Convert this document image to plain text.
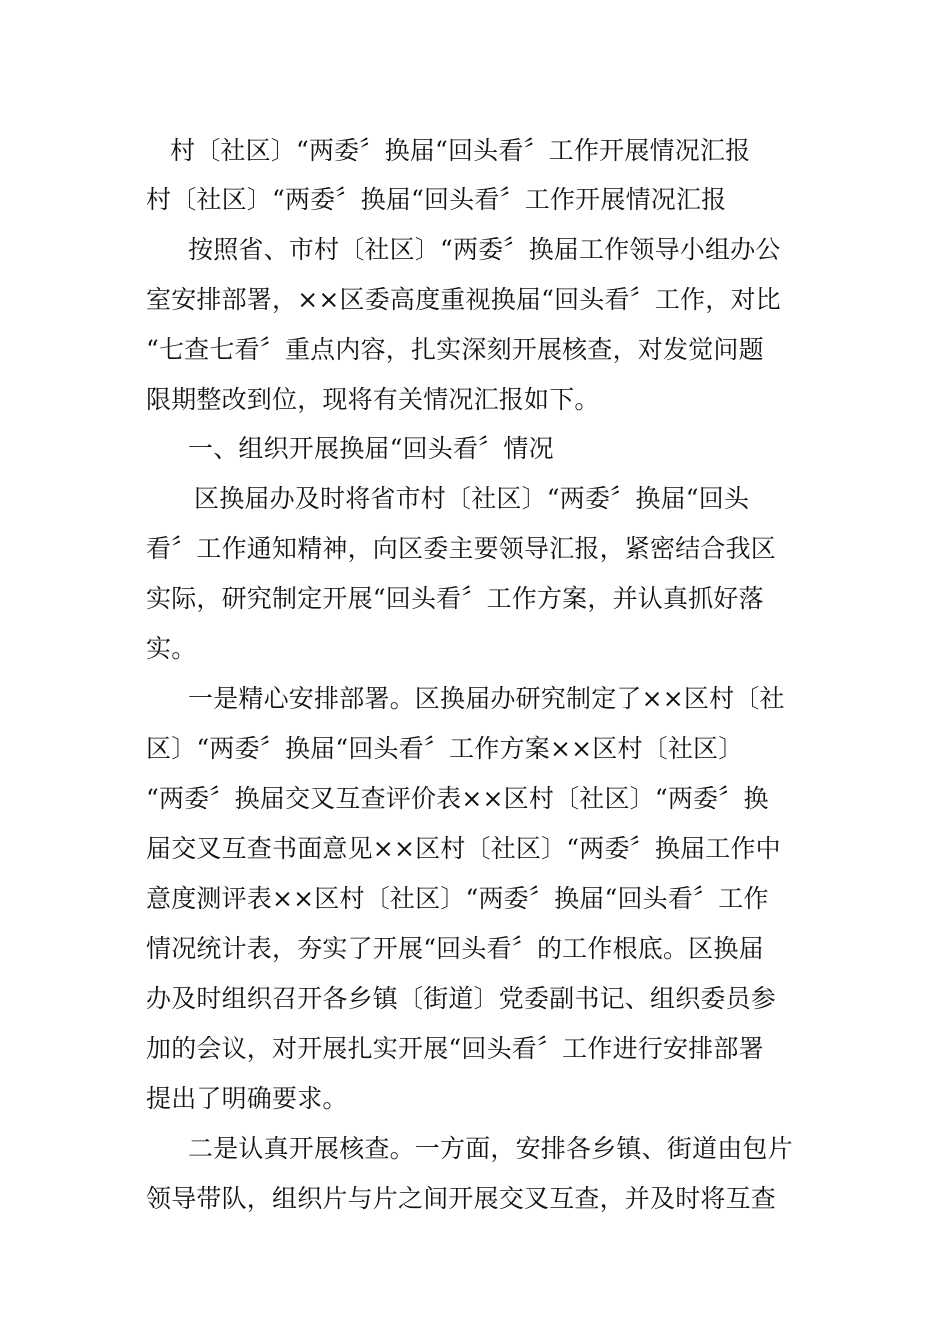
村〔社区〕“两委〞换届“回头看〞工作开展情况汇报
村〔社区〕“两委〞换届“回头看〞工作开展情况汇报
按照省、市村〔社区〕“两委〞换届工作领导小组办公
室安排部署，××区委高度重视换届“回头看〞工作，对比
“七查七看〞重点内容，扎实深刻开展核查，对发觉问题
限期整改到位，现将有关情况汇报如下。
一、组织开展换届“回头看〞情况
区换届办及时将省市村〔社区〕“两委〞换届“回头
看〞工作通知精神，向区委主要领导汇报，紧密结合我区
实际，研究制定开展“回头看〞工作方案，并认真抓好落
实。
一是精心安排部署。区换届办研究制定了××区村〔社
区〕“两委〞换届“回头看〞工作方案××区村〔社区〕
“两委〞换届交叉互查评价表××区村〔社区〕“两委〞换
届交叉互查书面意见××区村〔社区〕“两委〞换届工作中
意度测评表××区村〔社区〕“两委〞换届“回头看〞工作
情况统计表，夯实了开展“回头看〞的工作根底。区换届
办及时组织召开各乡镇〔街道〕党委副书记、组织委员参
加的会议，对开展扎实开展“回头看〞工作进行安排部署
提出了明确要求。
二是认真开展核查。一方面，安排各乡镇、街道由包片
领导带队，组织片与片之间开展交叉互查，并及时将互查
